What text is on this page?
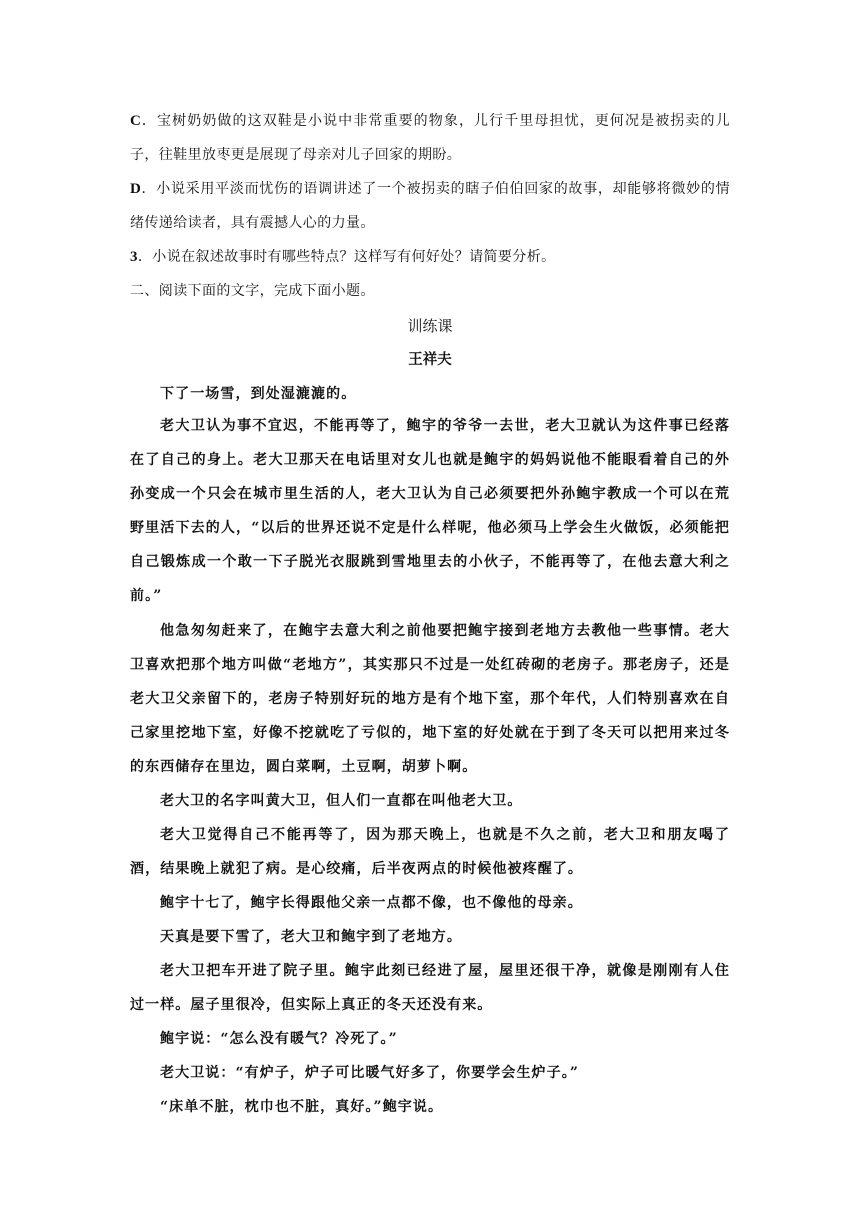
C．宝树奶奶做的这双鞋是小说中非常重要的物象，儿行千里母担忧，更何况是被拐卖的儿子，往鞋里放枣更是展现了母亲对儿子回家的期盼。

D．小说采用平淡而忧伤的语调讲述了一个被拐卖的瞎子伯伯回家的故事，却能够将微妙的情绪传递给读者，具有震撼人心的力量。

3．小说在叙述故事时有哪些特点？这样写有何好处？请简要分析。

二、阅读下面的文字，完成下面小题。

训练课

王祥夫

下了一场雪，到处湿漉漉的。

老大卫认为事不宜迟，不能再等了，鲍宇的爷爷一去世，老大卫就认为这件事已经落在了自己的身上。老大卫那天在电话里对女儿也就是鲍宇的妈妈说他不能眼看着自己的外孙变成一个只会在城市里生活的人，老大卫认为自己必须要把外孙鲍宇教成一个可以在荒野里活下去的人，“以后的世界还说不定是什么样呢，他必须马上学会生火做饭，必须能把自己锻炼成一个敢一下子脱光衣服跳到雪地里去的小伙子，不能再等了，在他去意大利之前。”

他急匆匆赶来了，在鲍宇去意大利之前他要把鲍宇接到老地方去教他一些事情。老大卫喜欢把那个地方叫做“老地方”，其实那只不过是一处红砖砌的老房子。那老房子，还是老大卫父亲留下的，老房子特别好玩的地方是有个地下室，那个年代，人们特别喜欢在自己家里挖地下室，好像不挖就吃了亏似的，地下室的好处就在于到了冬天可以把用来过冬的东西储存在里边，圆白菜啊，土豆啊，胡萝卜啊。

老大卫的名字叫黄大卫，但人们一直都在叫他老大卫。

老大卫觉得自己不能再等了，因为那天晚上，也就是不久之前，老大卫和朋友喝了酒，结果晚上就犯了病。是心绞痛，后半夜两点的时候他被疼醒了。

鲍宇十七了，鲍宇长得跟他父亲一点都不像，也不像他的母亲。

天真是要下雪了，老大卫和鲍宇到了老地方。

老大卫把车开进了院子里。鲍宇此刻已经进了屋，屋里还很干净，就像是刚刚有人住过一样。屋子里很冷，但实际上真正的冬天还没有来。

鲍宇说：“怎么没有暖气？冷死了。”

老大卫说：“有炉子，炉子可比暖气好多了，你要学会生炉子。”

“床单不脏，枕巾也不脏，真好。”鲍宇说。
